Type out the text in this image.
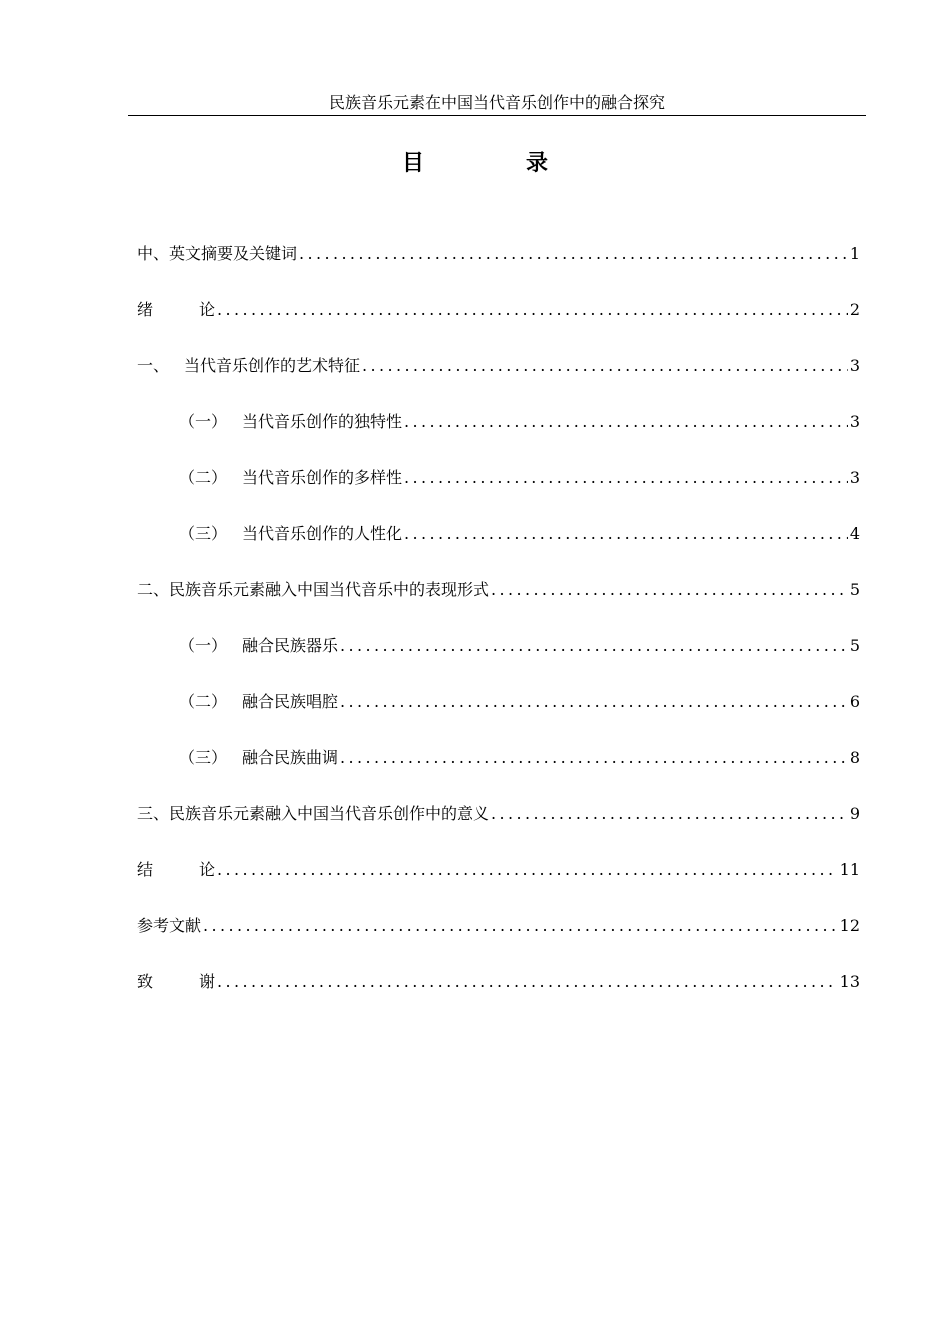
民族音乐元素在中国当代音乐创作中的融合探究
目　录
中、英文摘要及关键词 .....	1
绪论 .....	2
一、 当代音乐创作的艺术特征 .....	3
（一） 当代音乐创作的独特性 .....	3
（二） 当代音乐创作的多样性 .....	3
（三） 当代音乐创作的人性化 .....	4
二、民族音乐元素融入中国当代音乐中的表现形式 .....	5
（一） 融合民族器乐 .....	5
（二） 融合民族唱腔 .....	6
（三） 融合民族曲调 .....	8
三、民族音乐元素融入中国当代音乐创作中的意义 .....	9
结论 .....	11
参考文献 .....	12
致谢 .....	13
